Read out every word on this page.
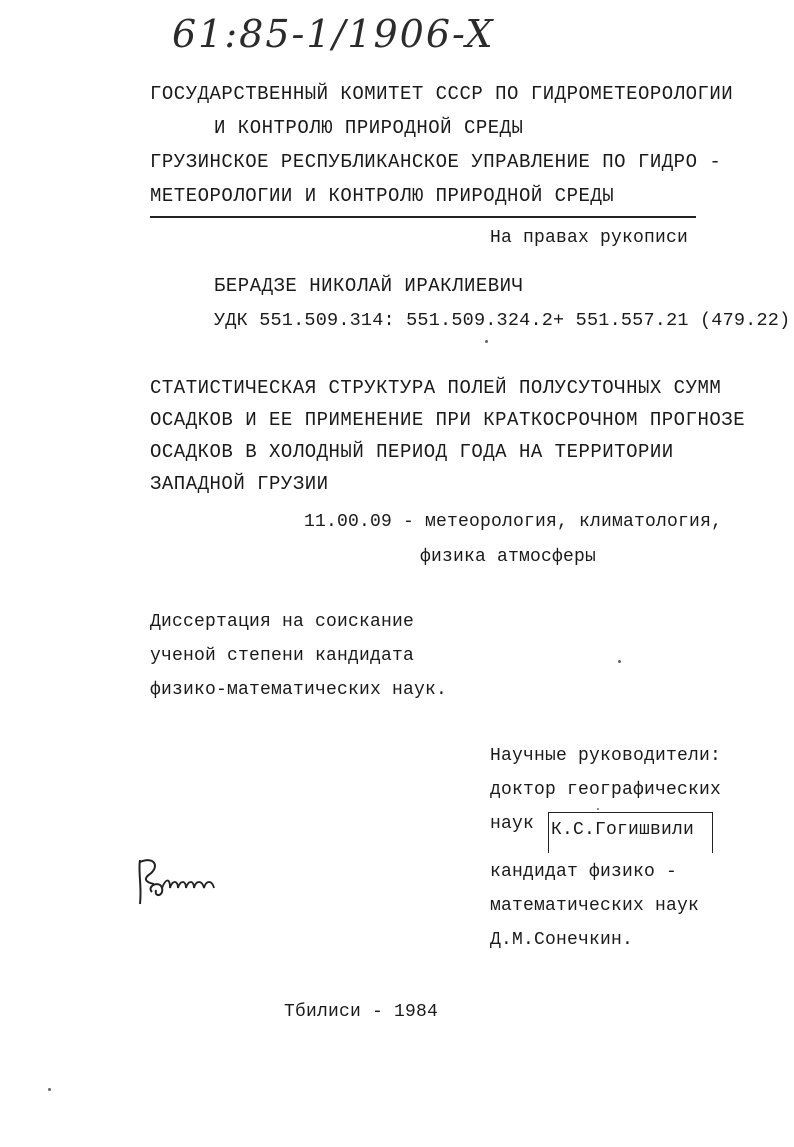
61:85-1/1906-X
ГОСУДАРСТВЕННЫЙ КОМИТЕТ СССР ПО ГИДРОМЕТЕОРОЛОГИИ
И КОНТРОЛЮ ПРИРОДНОЙ СРЕДЫ
ГРУЗИНСКОЕ РЕСПУБЛИКАНСКОЕ УПРАВЛЕНИЕ ПО ГИДРО -
МЕТЕОРОЛОГИИ И КОНТРОЛЮ ПРИРОДНОЙ СРЕДЫ
На правах рукописи
БЕРАДЗЕ НИКОЛАЙ ИРАКЛИЕВИЧ
УДК 551.509.314: 551.509.324.2+ 551.557.21 (479.22)
СТАТИСТИЧЕСКАЯ СТРУКТУРА ПОЛЕЙ ПОЛУСУТОЧНЫХ СУММ
ОСАДКОВ И ЕЕ ПРИМЕНЕНИЕ ПРИ КРАТКОСРОЧНОМ ПРОГНОЗЕ
ОСАДКОВ В ХОЛОДНЫЙ ПЕРИОД ГОДА НА ТЕРРИТОРИИ
ЗАПАДНОЙ ГРУЗИИ
11.00.09 - метеорология, климатология,
физика атмосферы
Диссертация на соискание
ученой степени кандидата
физико-математических наук.
Научные руководители:
доктор географических
наук К.С.Гогишвили
кандидат физико -
математических наук
Д.М.Сонечкин.
Тбилиси - 1984
